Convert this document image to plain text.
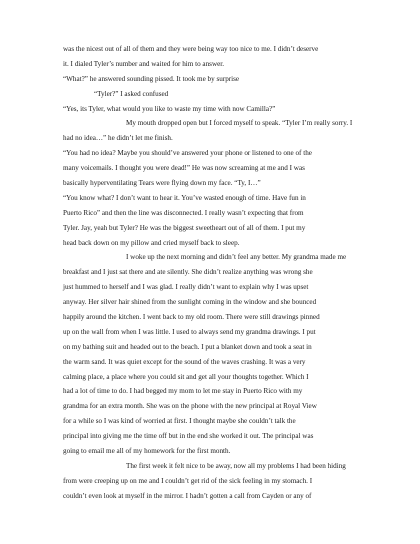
was the nicest out of all of them and they were being way too nice to me. I didn’t deserve
it. I dialed Tyler’s number and waited for him to answer.
“What?” he answered sounding pissed. It took me by surprise
“Tyler?” I asked confused
“Yes, its Tyler, what would you like to waste my time with now Camilla?”
My mouth dropped open but I forced myself to speak. “Tyler I’m really sorry. I
had no idea…” he didn’t let me finish.
“You had no idea? Maybe you should’ve answered your phone or listened to one of the
many voicemails. I thought you were dead!” He was now screaming at me and I was
basically hyperventilating Tears were flying down my face. “Ty, I…”
“You know what? I don’t want to hear it. You’ve wasted enough of time. Have fun in
Puerto Rico” and then the line was disconnected. I really wasn’t expecting that from
Tyler. Jay, yeah but Tyler? He was the biggest sweetheart out of all of them. I put my
head back down on my pillow and cried myself back to sleep.
I woke up the next morning and didn’t feel any better. My grandma made me
breakfast and I just sat there and ate silently. She didn’t realize anything was wrong she
just hummed to herself and I was glad. I really didn’t want to explain why I was upset
anyway. Her silver hair shined from the sunlight coming in the window and she bounced
happily around the kitchen. I went back to my old room. There were still drawings pinned
up on the wall from when I was little. I used to always send my grandma drawings. I put
on my bathing suit and headed out to the beach. I put a blanket down and took a seat in
the warm sand. It was quiet except for the sound of the waves crashing. It was a very
calming place, a place where you could sit and get all your thoughts together. Which I
had a lot of time to do. I had begged my mom to let me stay in Puerto Rico with my
grandma for an extra month. She was on the phone with the new principal at Royal View
for a while so I was kind of worried at first. I thought maybe she couldn’t talk the
principal into giving me the time off but in the end she worked it out. The principal was
going to email me all of my homework for the first month.
The first week it felt nice to be away, now all my problems I had been hiding
from were creeping up on me and I couldn’t get rid of the sick feeling in my stomach. I
couldn’t even look at myself in the mirror. I hadn’t gotten a call from Cayden or any of
